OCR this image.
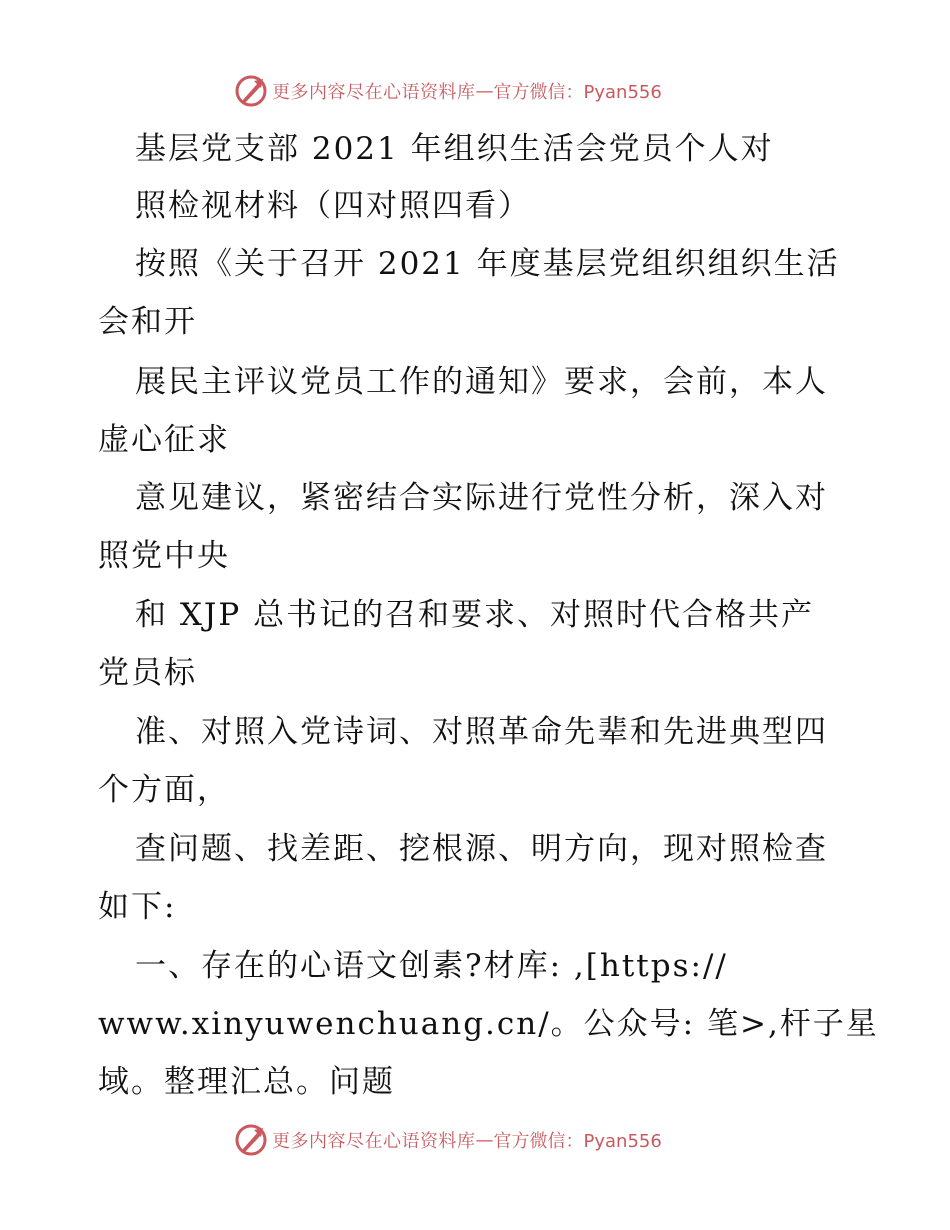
更多内容尽在心语资料库 — 官方微信：Pyan556
基层党支部 2021 年组织生活会党员个人对
照检视材料（四对照四看）
按照《关于召开 2021 年度基层党组织组织生活
会和开
展民主评议党员工作的通知》要求，会前，本人
虚心征求
意见建议，紧密结合实际进行党性分析，深入对
照党中央
和 XJP 总书记的召和要求、对照时代合格共产
党员标
准、对照入党诗词、对照革命先辈和先进典型四
个方面，
查问题、找差距、挖根源、明方向，现对照检查
如下:
一、存在的心语文创素?材库: ,[https://
www.xinyuwenchuang.cn/。公众号: 笔>,杆子星
域。整理汇总。问题
更多内容尽在心语资料库 — 官方微信：Pyan556
